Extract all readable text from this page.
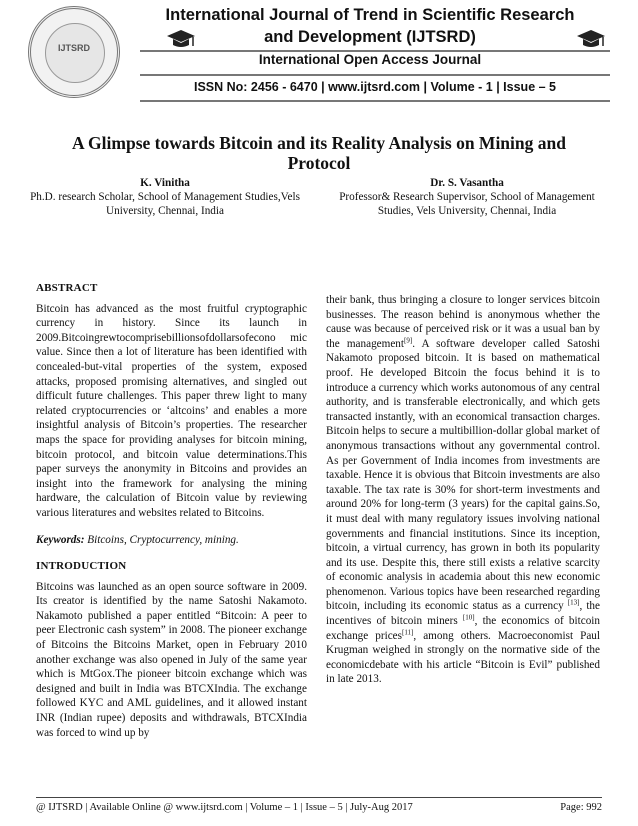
IJTSRD
International Journal of Trend in Scientific Research and Development (IJTSRD)
International Open Access Journal
ISSN No: 2456 - 6470 | www.ijtsrd.com | Volume - 1 | Issue – 5
A Glimpse towards Bitcoin and its Reality Analysis on Mining and Protocol
K. Vinitha
Ph.D. research Scholar, School of Management Studies,Vels University, Chennai, India
Dr. S. Vasantha
Professor& Research Supervisor, School of Management Studies, Vels University, Chennai, India
ABSTRACT

Bitcoin has advanced as the most fruitful cryptographic currency in history. Since its launch in 2009.Bitcoingrewtocomprisebillionsofdollarsofecono mic value. Since then a lot of literature has been identified with concealed-but-vital properties of the system, exposed attacks, proposed promising alternatives, and singled out difficult future challenges. This paper threw light to many related cryptocurrencies or ‘altcoins’ and enables a more insightful analysis of Bitcoin’s properties. The researcher maps the space for providing analyses for bitcoin mining, bitcoin protocol, and bitcoin value determinations.This paper surveys the anonymity in Bitcoins and provides an insight into the framework for analysing the mining hardware, the calculation of Bitcoin value by reviewing various literatures and websites related to Bitcoins.

Keywords: Bitcoins, Cryptocurrency, mining.

INTRODUCTION

Bitcoins was launched as an open source software in 2009. Its creator is identified by the name Satoshi Nakamoto. Nakamoto published a paper entitled “Bitcoin: A peer to peer Electronic cash system” in 2008. The pioneer exchange of Bitcoins the Bitcoins Market, open in February 2010 another exchange was also opened in July of the same year which is MtGox.The pioneer bitcoin exchange which was designed and built in India was BTCXIndia. The exchange followed KYC and AML guidelines, and it allowed instant INR (Indian rupee) deposits and withdrawals, BTCXIndia was forced to wind up by

their bank, thus bringing a closure to longer services bitcoin businesses. The reason behind is anonymous whether the cause was because of perceived risk or it was a usual ban by the management[9]. A software developer called Satoshi Nakamoto proposed bitcoin. It is based on mathematical proof. He developed Bitcoin the focus behind it is to introduce a currency which works autonomous of any central authority, and is transferable electronically, and which gets transacted instantly, with an economical transaction charges. Bitcoin helps to secure a multibillion-dollar global market of anonymous transactions without any governmental control. As per Government of India incomes from investments are taxable. Hence it is obvious that Bitcoin investments are also taxable. The tax rate is 30% for short-term investments and around 20% for long-term (3 years) for the capital gains.So, it must deal with many regulatory issues involving national governments and financial institutions. Since its inception, bitcoin, a virtual currency, has grown in both its popularity and its use. Despite this, there still exists a relative scarcity of economic analysis in academia about this new economic phenomenon. Various topics have been researched regarding bitcoin, including its economic status as a currency [13], the incentives of bitcoin miners [10], the economics of bitcoin exchange prices[11], among others. Macroeconomist Paul Krugman weighed in strongly on the normative side of the economicdebate with his article “Bitcoin is Evil” published in late 2013.

@ IJTSRD | Available Online @ www.ijtsrd.com | Volume – 1 | Issue – 5 | July-Aug 2017	Page: 992
